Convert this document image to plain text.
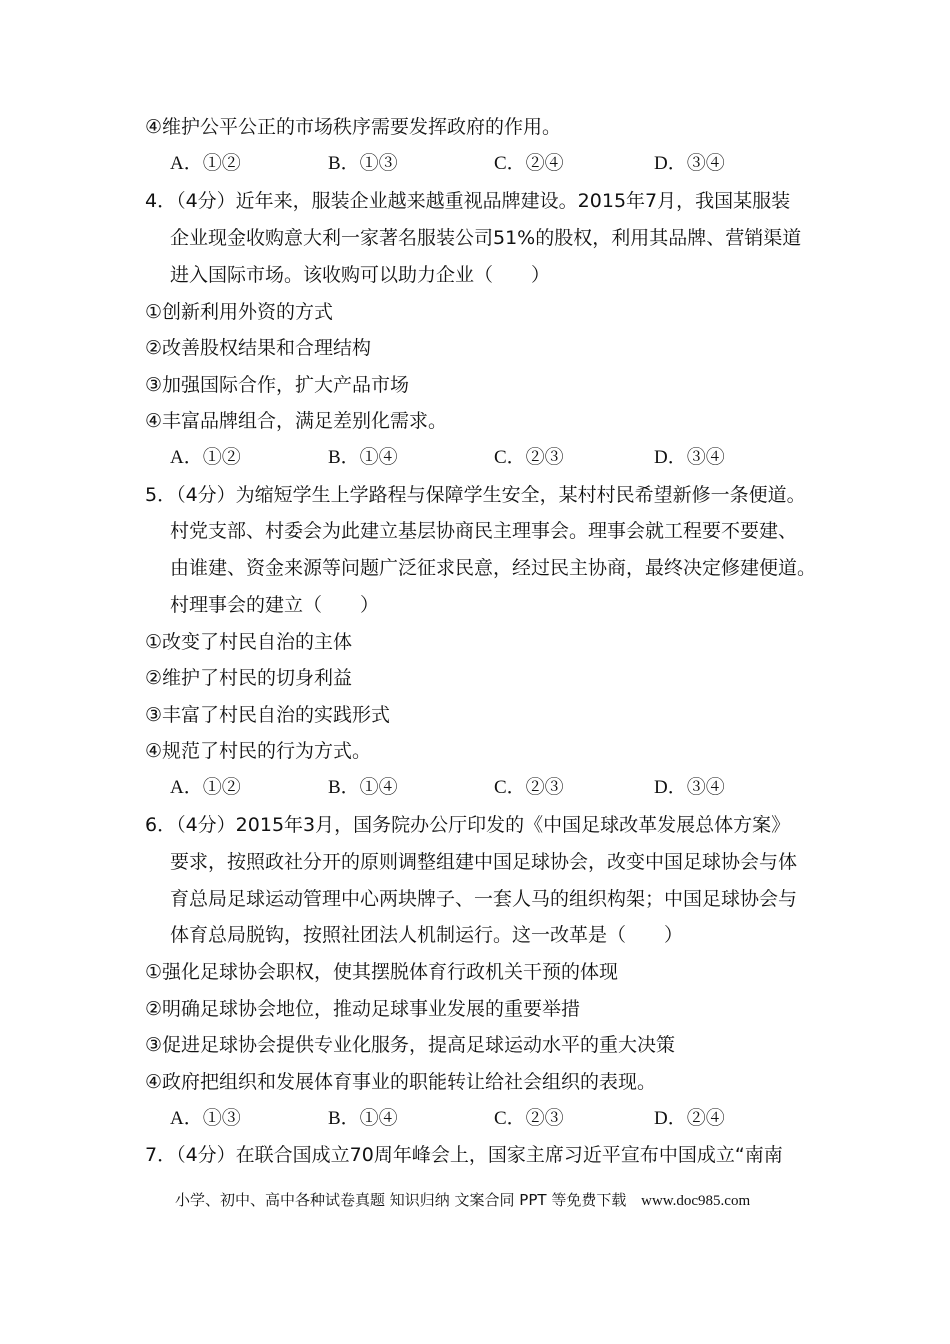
④维护公平公正的市场秩序需要发挥政府的作用。
A．①②	B．①③	C．②④	D．③④
4．（4分）近年来，服装企业越来越重视品牌建设。2015年7月，我国某服装
企业现金收购意大利一家著名服装公司51%的股权，利用其品牌、营销渠道
进入国际市场。该收购可以助力企业（　　）
①创新利用外资的方式
②改善股权结果和合理结构
③加强国际合作，扩大产品市场
④丰富品牌组合，满足差别化需求。
A．①②	B．①④	C．②③	D．③④
5．（4分）为缩短学生上学路程与保障学生安全，某村村民希望新修一条便道。
村党支部、村委会为此建立基层协商民主理事会。理事会就工程要不要建、
由谁建、资金来源等问题广泛征求民意，经过民主协商，最终决定修建便道。
村理事会的建立（　　）
①改变了村民自治的主体
②维护了村民的切身利益
③丰富了村民自治的实践形式
④规范了村民的行为方式。
A．①②	B．①④	C．②③	D．③④
6．（4分）2015年3月，国务院办公厅印发的《中国足球改革发展总体方案》
要求，按照政社分开的原则调整组建中国足球协会，改变中国足球协会与体
育总局足球运动管理中心两块牌子、一套人马的组织构架；中国足球协会与
体育总局脱钩，按照社团法人机制运行。这一改革是（　　）
①强化足球协会职权，使其摆脱体育行政机关干预的体现
②明确足球协会地位，推动足球事业发展的重要举措
③促进足球协会提供专业化服务，提高足球运动水平的重大决策
④政府把组织和发展体育事业的职能转让给社会组织的表现。
A．①③	B．①④	C．②③	D．②④
7．（4分）在联合国成立70周年峰会上，国家主席习近平宣布中国成立“南南
小学、初中、高中各种试卷真题 知识归纳 文案合同 PPT 等免费下载 www.doc985.com
